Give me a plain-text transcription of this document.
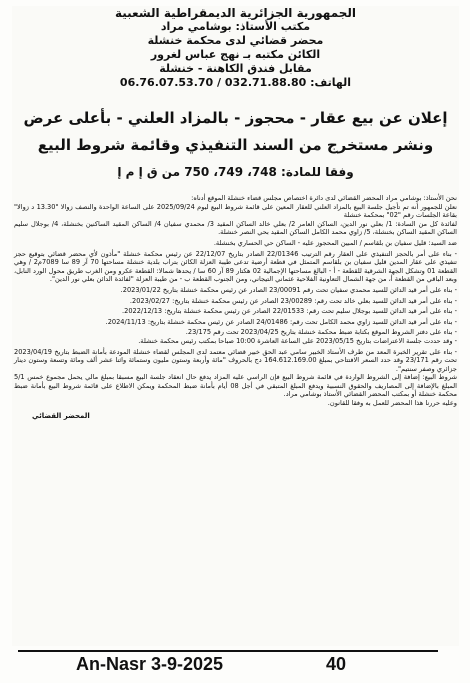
الجمهورية الجزائرية الديمقراطية الشعبية
مكتب الأستاذ: بوشامي مراد
محضر قضائي لدى محكمة خنشلة
الكائن مكتبه بـ نهج عباس لغرور
مقابل فندق الكاهنة - خنشلة
الهاتف: 032.71.88.80 / 06.76.07.53.70
إعلان عن بيع عقار - محجوز - بالمزاد العلني - بأعلى عرض
ونشر مستخرج من السند التنفيذي وقائمة شروط البيع
وفقا للمادة: 748، 749، 750 من ق إ م إ

نحن الأستاذ: بوشامي مراد المحضر القضائي لدى دائرة اختصاص مجلس قضاء خنشلة الموقع أدناه:

نعلن للجمهور أنه تم تأجيل جلسة البيع بالمزاد العلني للعقار المعين على قائمة شروط البيع ليوم 2025/09/24 على الساعة الواحدة والنصف زوالا "13.30 د زوالا" بقاعة الجلسات رقم "02" بمحكمة خنشلة

لفائدة كل من السادة: 1/ بعلي نور الدين، الساكن العامر 2/ بعلي خالد الساكن المقيد 3/ محمدي سفيان 4/ الساكن المقيد الساكنين بخنشلة، 4/ بوجلال سليم الساكن المقيد الساكن بخنشلة، 5/ زاوي محمد الكامل الساكن المقيد بحي النصر خنشلة.

ضد السيد: قليل سفيان بن بلقاسم / المبين المحجوز عليه - الساكن حي الحساري بخنشلة.

- بناء على أمر بالحجز التنفيذي على العقار رقم الترتيب 22/01346 الصادر بتاريخ 22/12/07 عن رئيس محكمة خنشلة "مأذون لأي محضر قضائي بتوقيع حجز تنفيذي على عقار المدين قليل سفيان بن بلقاسم المتمثل في قطعة أرضية تدعى طيبة العزلة الكائن بتراب بلدية خنشلة مساحتها 70 آر 89 سا 7089م2 / وهي القطعة 01 وتشكل الجهة الشرقية للقطعة - أ - البالغ مساحتها الإجمالية 02 هكتار 89 آر 60 سا / يحدها شمالا: القطعة عكرو ومن الغرب طريق محول الورد النابل، وبعد الباقي من القطعة أ، من جهة الشمال التعاونية الفلاحية عثماني التيجاني، ومن الجنوب القطعة ب - من طيبة العزلة "لفائدة الدائن بعلي نور الدين".

- بناء على أمر قيد الدائن للسيد محمدي سفيان تحت رقم 23/00091 الصادر عن رئيس محكمة خنشلة بتاريخ 2023/01/22.

- بناء على أمر قيد الدائن للسيد بعلي خالد تحت رقم: 23/00289 الصادر عن رئيس محكمة خنشلة بتاريخ: 2023/02/27.

- بناء على أمر قيد الدائن للسيد بوجلال سليم تحت رقم: 22/01533 الصادر عن رئيس محكمة خنشلة بتاريخ: 2022/12/13.

- بناء على أمر قيد الدائن للسيد زاوي محمد الكامل تحت رقم: 24/01486 الصادر عن رئيس محكمة خنشلة بتاريخ: 2024/11/13.

- بناء على دفتر الشروط الموقع بكتابة ضبط محكمة خنشلة بتاريخ 2023/04/25 تحت رقم 23/175.

- وقد حددت جلسة الاعتراضات بتاريخ 2023/05/15 على الساعة العاشرة 10:00 صباحا بمكتب رئيس محكمة خنشلة.

- بناء على تقرير الخبرة المعد من طرف الأستاذ الخبير سامي عبد الحق خبير قضائي معتمد لدى المجلس لقضاء خنشلة المودعة بأمانة الضبط بتاريخ 2023/04/19 تحت رقم 23/171 وقد حدد السعر الافتتاحي بمبلغ 164.612.169.00 دج بالحروف "مائة وأربعة وستون مليون وستمائة واثنا عشر ألف ومائة وتسعة وستون دينار جزائري وصفر سنتيم".

شروط البيع: إضافة إلى الشروط الواردة في قائمة شروط البيع فإن الراسي عليه المزاد يدفع حال انعقاد جلسة البيع مسبقا بمبلغ مالي يحمل مجموع خمس 5/1 المبلغ بالإضافة إلى المصاريف والحقوق النسبية ويدفع المبلغ المتبقي في أجل 08 أيام بأمانة ضبط المحكمة ويمكن الاطلاع على قائمة شروط البيع بأمانة ضبط محكمة خنشلة أو بمكتب المحضر القضائي الأستاذ بوشامي مراد.

وعليه حررنا هذا المحضر للعمل به وفقا للقانون.

المحضر القضائي
An-Nasr 3-9-2025	40
